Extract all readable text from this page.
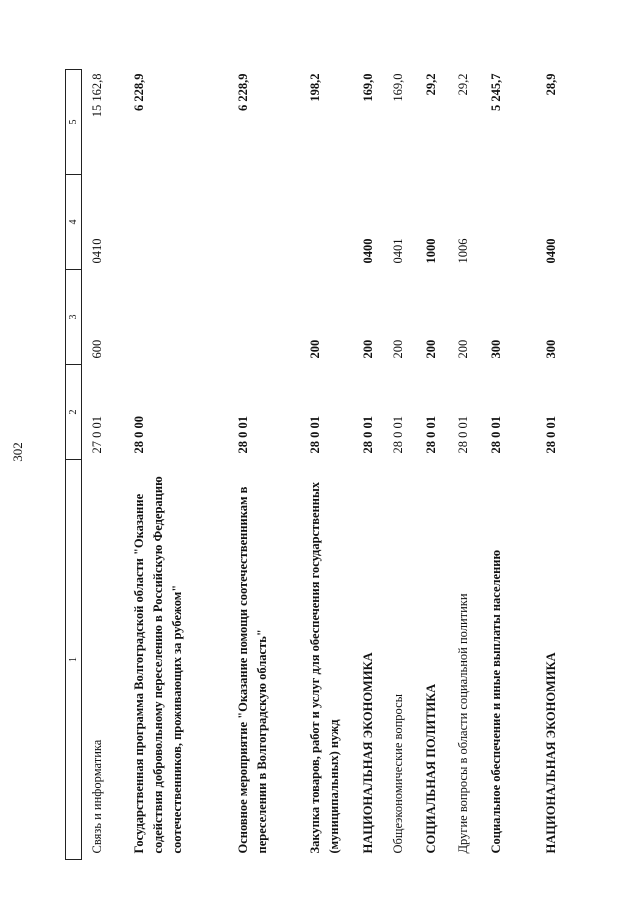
302
1	2	3	4	5
Связь и информатика	27 0 01	600	0410	15 162,8
Государственная программа Волгоградской области "Оказание содействия добровольному переселению в Российскую Федерацию соотечественников, проживающих за рубежом"	28 0 00			6 228,9
Основное мероприятие "Оказание помощи соотечественникам в переселении в Волгоградскую область"	28 0 01			6 228,9
Закупка товаров, работ и услуг для обеспечения государственных (муниципальных) нужд	28 0 01	200		198,2
НАЦИОНАЛЬНАЯ ЭКОНОМИКА	28 0 01	200	0400	169,0
Общеэкономические вопросы	28 0 01	200	0401	169,0
СОЦИАЛЬНАЯ ПОЛИТИКА	28 0 01	200	1000	29,2
Другие вопросы в области социальной политики	28 0 01	200	1006	29,2
Социальное обеспечение и иные выплаты населению	28 0 01	300		5 245,7
НАЦИОНАЛЬНАЯ ЭКОНОМИКА	28 0 01	300	0400	28,9
